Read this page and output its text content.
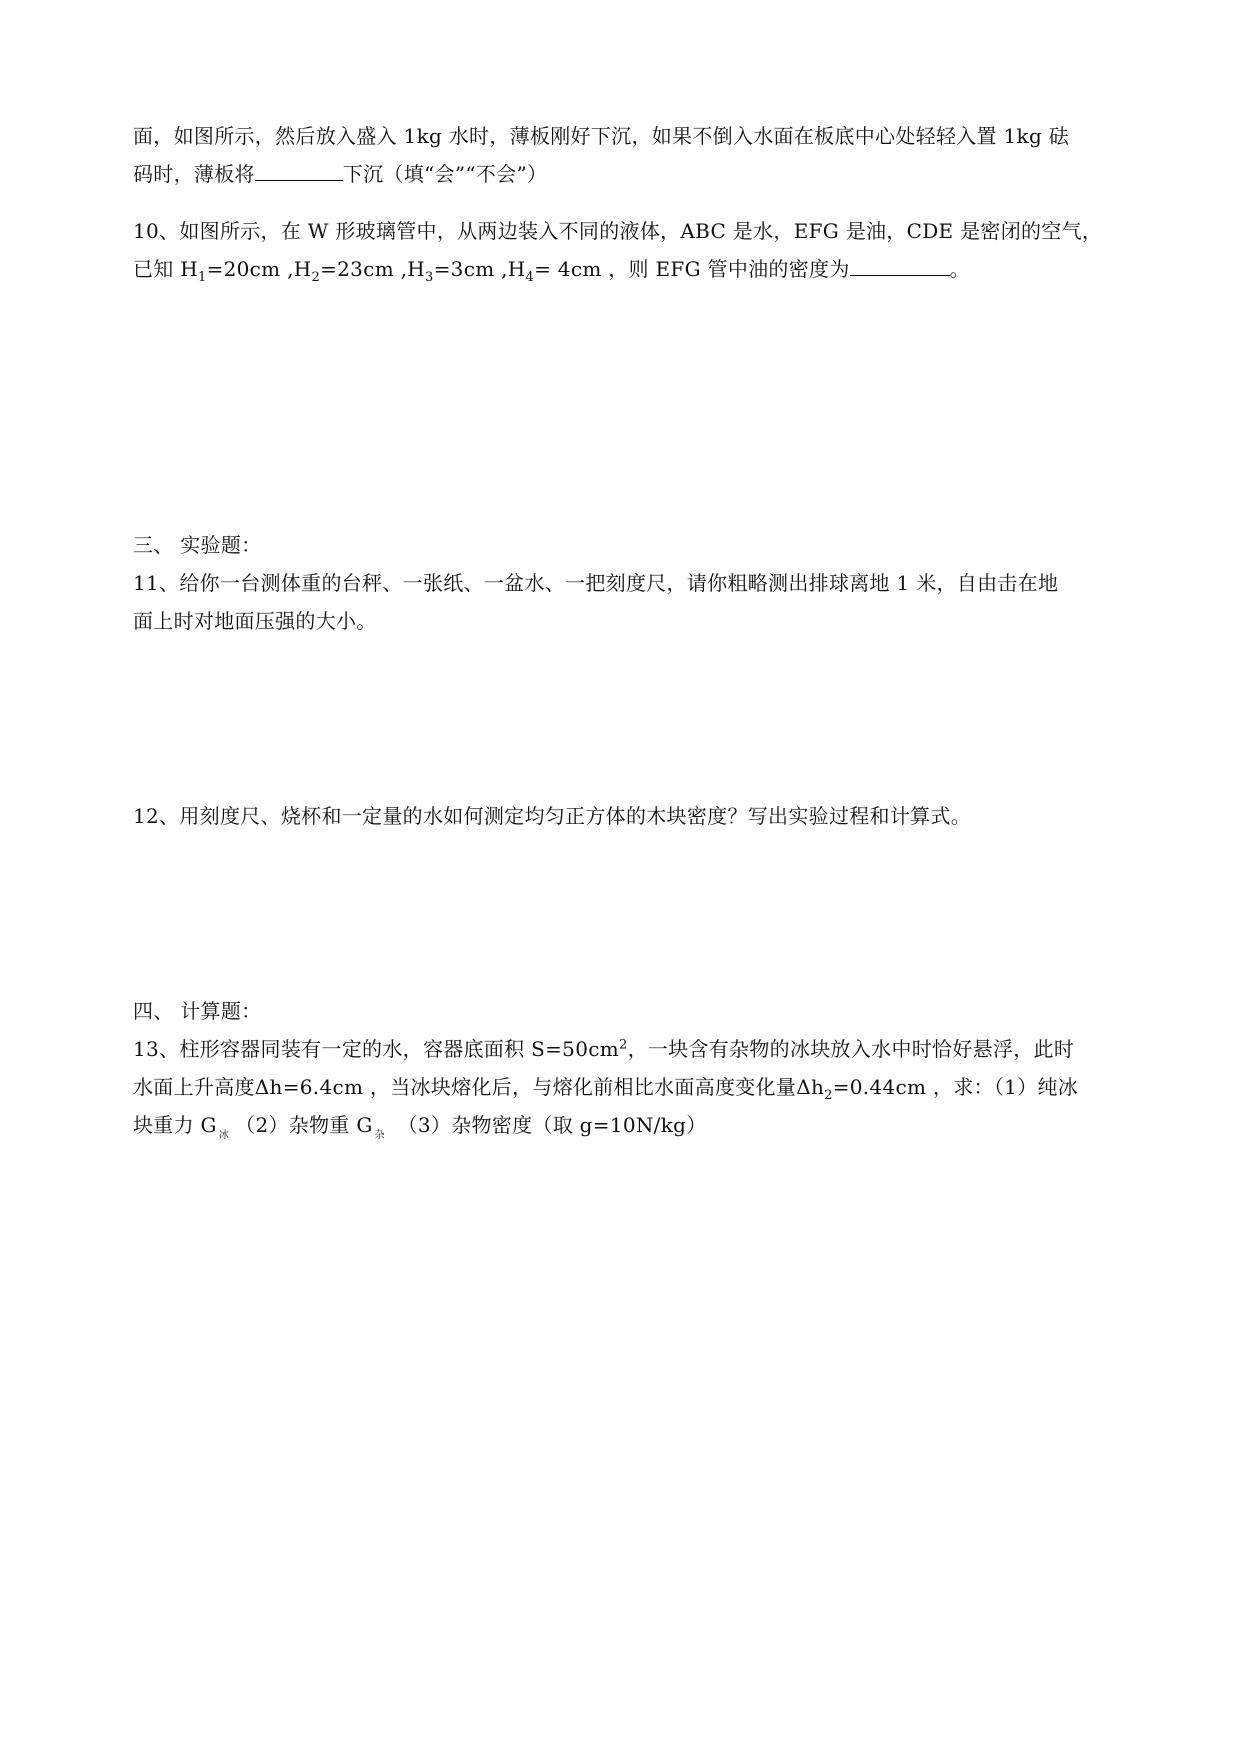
面，如图所示，然后放入盛入 1kg 水时，薄板刚好下沉，如果不倒入水面在板底中心处轻轻入置 1kg 砝
码时，薄板将	下沉（填“会”“不会”）
10、如图所示，在 W 形玻璃管中，从两边装入不同的液体，ABC 是水，EFG 是油，CDE 是密闭的空气，
已知 $H_1=20cm$ $,H_2=23cm$ $,H_3=3cm$ $,H_4= 4cm$ ，则 EFG 管中油的密度为	。
三、 实验题：
11、给你一台测体重的台秤、一张纸、一盆水、一把刻度尺，请你粗略测出排球离地 1 米，自由击在地
面上时对地面压强的大小。
12、用刻度尺、烧杯和一定量的水如何测定均匀正方体的木块密度？写出实验过程和计算式。
四、 计算题：
13、柱形容器同装有一定的水，容器底面积 $S=50cm^2$，一块含有杂物的冰块放入水中时恰好悬浮，此时
水面上升高度Δh=6.4cm ，当冰块熔化后，与熔化前相比水面高度变化量$\Delta h_2=0.44cm$ ，求：（1）纯冰
块重力 G $_冰$ （2）杂物重 G $_杂$ （3）杂物密度（取 g=10N/kg）
